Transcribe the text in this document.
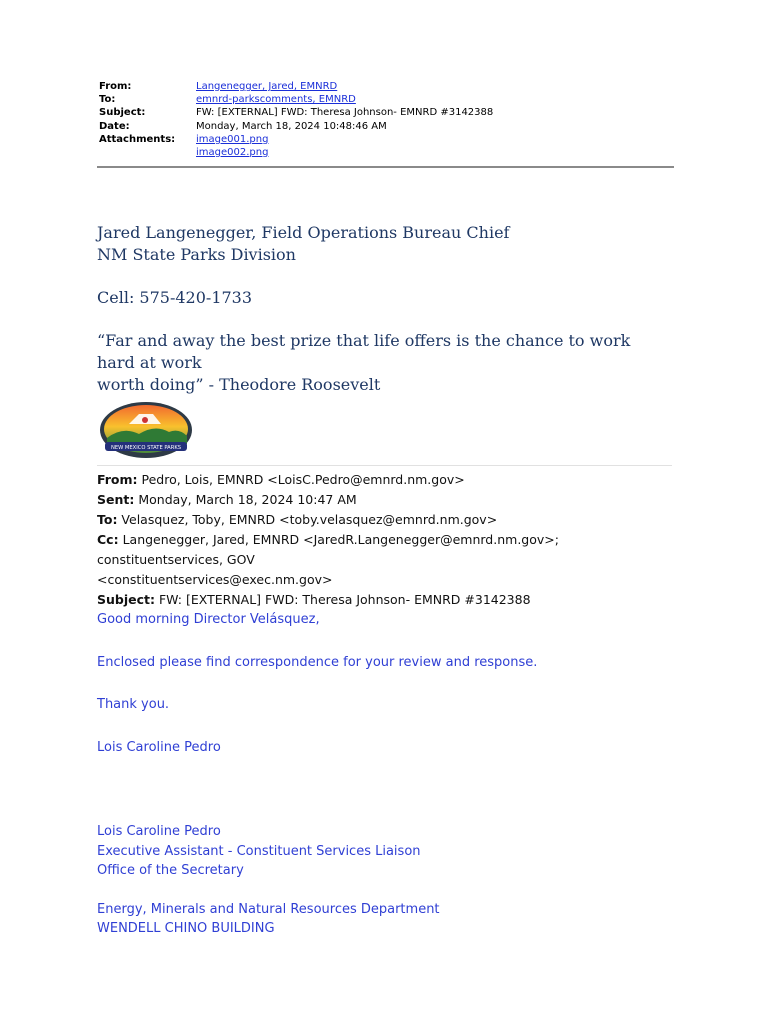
From:	Langenegger, Jared, EMNRD
To:	emnrd-parkscomments, EMNRD
Subject:	FW: [EXTERNAL] FWD: Theresa Johnson- EMNRD #3142388
Date:	Monday, March 18, 2024 10:48:46 AM
Attachments:	image001.png
image002.png

Jared Langenegger, Field Operations Bureau Chief

NM State Parks Division

Cell: 575-420-1733

“Far and away the best prize that life offers is the chance to work hard at work

worth doing” - Theodore Roosevelt

NEW MEXICO STATE PARKS
From: Pedro, Lois, EMNRD <LoisC.Pedro@emnrd.nm.gov>
Sent: Monday, March 18, 2024 10:47 AM
To: Velasquez, Toby, EMNRD <toby.velasquez@emnrd.nm.gov>
Cc: Langenegger, Jared, EMNRD <JaredR.Langenegger@emnrd.nm.gov>; constituentservices, GOV
<constituentservices@exec.nm.gov>
Subject: FW: [EXTERNAL] FWD: Theresa Johnson- EMNRD #3142388

Good morning Director Velásquez,

Enclosed please find correspondence for your review and response.

Thank you.

Lois Caroline Pedro

Lois Caroline Pedro

Executive Assistant - Constituent Services Liaison

Office of the Secretary

Energy, Minerals and Natural Resources Department

WENDELL CHINO BUILDING
